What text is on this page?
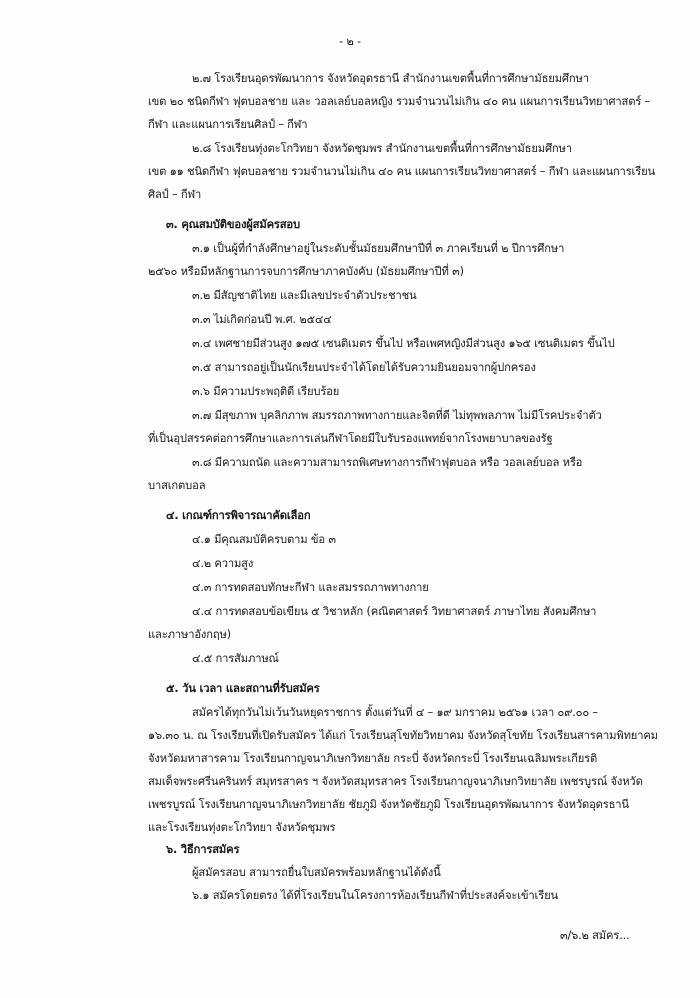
- ๒ -
๒.๗ โรงเรียนอุดรพัฒนาการ จังหวัดอุดรธานี สำนักงานเขตพื้นที่การศึกษามัธยมศึกษา
เขต ๒๐ ชนิดกีฬา ฟุตบอลชาย และ วอลเลย์บอลหญิง รวมจำนวนไม่เกิน ๔๐ คน แผนการเรียนวิทยาศาสตร์ –
กีฬา และแผนการเรียนศิลป์ – กีฬา
๒.๘ โรงเรียนทุ่งตะโกวิทยา จังหวัดชุมพร สำนักงานเขตพื้นที่การศึกษามัธยมศึกษา
เขต ๑๑ ชนิดกีฬา ฟุตบอลชาย รวมจำนวนไม่เกิน ๔๐ คน แผนการเรียนวิทยาศาสตร์ – กีฬา และแผนการเรียน
ศิลป์ – กีฬา
๓. คุณสมบัติของผู้สมัครสอบ
๓.๑ เป็นผู้ที่กำลังศึกษาอยู่ในระดับชั้นมัธยมศึกษาปีที่ ๓ ภาคเรียนที่ ๒ ปีการศึกษา
๒๕๖๐ หรือมีหลักฐานการจบการศึกษาภาคบังคับ (มัธยมศึกษาปีที่ ๓)
๓.๒ มีสัญชาติไทย และมีเลขประจำตัวประชาชน
๓.๓ ไม่เกิดก่อนปี พ.ศ. ๒๕๔๔
๓.๔ เพศชายมีส่วนสูง ๑๗๕ เซนติเมตร ขึ้นไป หรือเพศหญิงมีส่วนสูง ๑๖๕ เซนติเมตร ขึ้นไป
๓.๕ สามารถอยู่เป็นนักเรียนประจำได้โดยได้รับความยินยอมจากผู้ปกครอง
๓.๖ มีความประพฤติดี เรียบร้อย
๓.๗ มีสุขภาพ บุคลิกภาพ สมรรถภาพทางกายและจิตที่ดี ไม่ทุพพลภาพ ไม่มีโรคประจำตัว
ที่เป็นอุปสรรคต่อการศึกษาและการเล่นกีฬาโดยมีใบรับรองแพทย์จากโรงพยาบาลของรัฐ
๓.๘ มีความถนัด และความสามารถพิเศษทางการกีฬาฟุตบอล หรือ วอลเลย์บอล หรือ
บาสเกตบอล
๔. เกณฑ์การพิจารณาคัดเลือก
๔.๑ มีคุณสมบัติครบตาม ข้อ ๓
๔.๒ ความสูง
๔.๓ การทดสอบทักษะกีฬา และสมรรถภาพทางกาย
๔.๔ การทดสอบข้อเขียน ๕ วิชาหลัก (คณิตศาสตร์ วิทยาศาสตร์ ภาษาไทย สังคมศึกษา
และภาษาอังกฤษ)
๔.๕ การสัมภาษณ์
๕. วัน เวลา และสถานที่รับสมัคร
สมัครได้ทุกวันไม่เว้นวันหยุดราชการ ตั้งแต่วันที่ ๔ – ๑๙ มกราคม ๒๕๖๑ เวลา ๐๙.๐๐ –
๑๖.๓๐ น. ณ โรงเรียนที่เปิดรับสมัคร ได้แก่ โรงเรียนสุโขทัยวิทยาคม จังหวัดสุโขทัย โรงเรียนสารคามพิทยาคม
จังหวัดมหาสารคาม โรงเรียนกาญจนาภิเษกวิทยาลัย กระบี่ จังหวัดกระบี่ โรงเรียนเฉลิมพระเกียรติ
สมเด็จพระศรีนครินทร์ สมุทรสาคร ฯ จังหวัดสมุทรสาคร โรงเรียนกาญจนาภิเษกวิทยาลัย เพชรบูรณ์ จังหวัด
เพชรบูรณ์ โรงเรียนกาญจนาภิเษกวิทยาลัย ชัยภูมิ จังหวัดชัยภูมิ โรงเรียนอุดรพัฒนาการ จังหวัดอุดรธานี
และโรงเรียนทุ่งตะโกวิทยา จังหวัดชุมพร
๖. วิธีการสมัคร
ผู้สมัครสอบ สามารถยื่นใบสมัครพร้อมหลักฐานได้ดังนี้
๖.๑ สมัครโดยตรง ได้ที่โรงเรียนในโครงการห้องเรียนกีฬาที่ประสงค์จะเข้าเรียน
๓/๖.๒ สมัคร...
